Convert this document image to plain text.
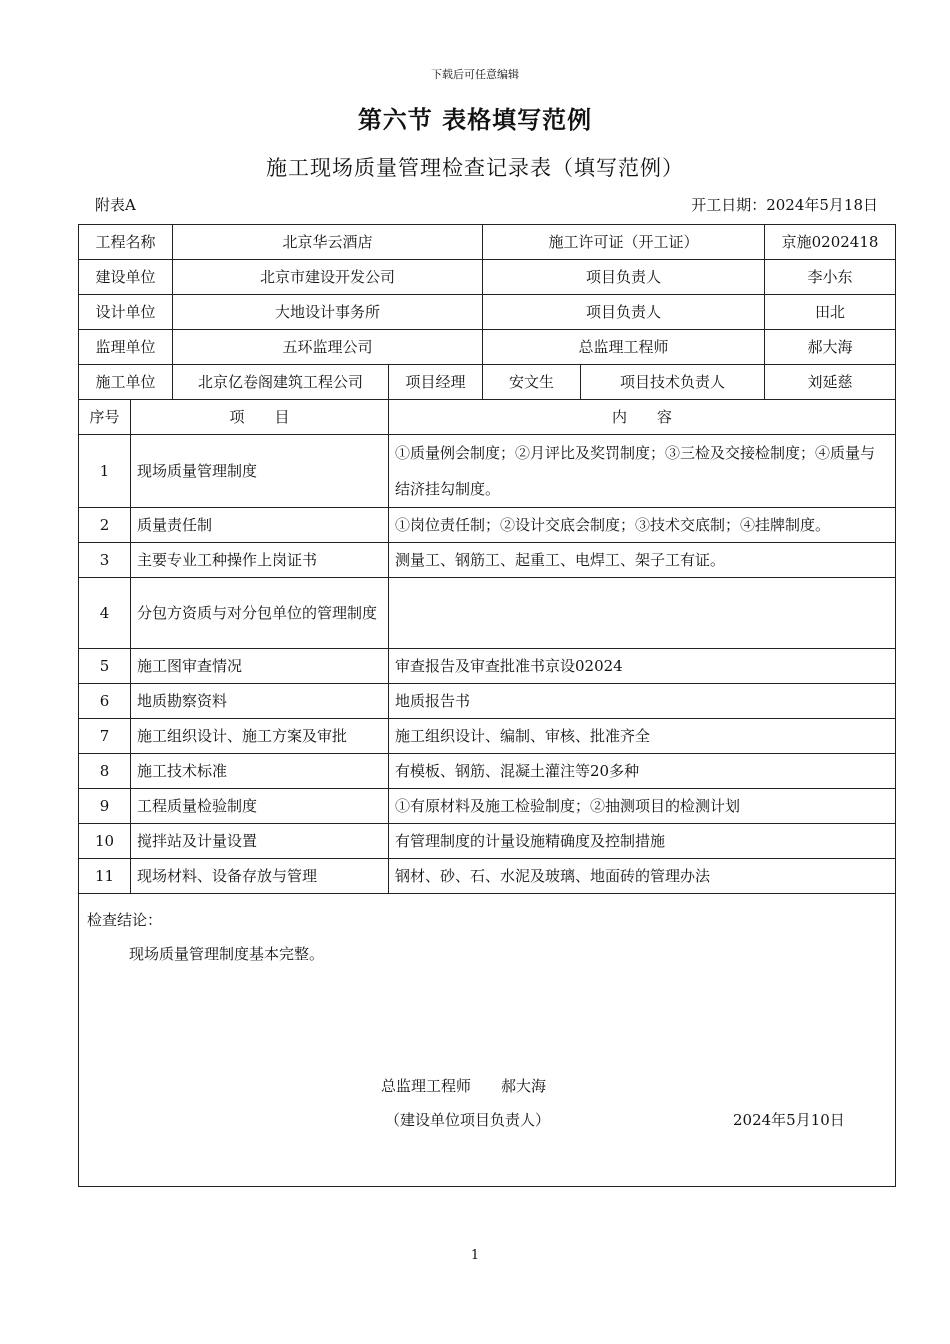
下载后可任意编辑
第六节 表格填写范例
施工现场质量管理检查记录表（填写范例）
附表A	开工日期：2024年5月18日
工程名称	北京华云酒店	施工许可证（开工证）	京施0202418
建设单位	北京市建设开发公司	项目负责人	李小东
设计单位	大地设计事务所	项目负责人	田北
监理单位	五环监理公司	总监理工程师	郝大海
施工单位	北京亿卷阁建筑工程公司	项目经理	安文生	项目技术负责人	刘延慈
序号	项　　目	内　　容
1	现场质量管理制度	①质量例会制度；②月评比及奖罚制度；③三检及交接检制度；④质量与结济挂勾制度。
2	质量责任制	①岗位责任制；②设计交底会制度；③技术交底制；④挂牌制度。
3	主要专业工种操作上岗证书	测量工、钢筋工、起重工、电焊工、架子工有证。
4	分包方资质与对分包单位的管理制度	
5	施工图审查情况	审查报告及审查批准书京设02024
6	地质勘察资料	地质报告书
7	施工组织设计、施工方案及审批	施工组织设计、编制、审核、批准齐全
8	施工技术标准	有模板、钢筋、混凝土灌注等20多种
9	工程质量检验制度	①有原材料及施工检验制度；②抽测项目的检测计划
10	搅拌站及计量设置	有管理制度的计量设施精确度及控制措施
11	现场材料、设备存放与管理	钢材、砂、石、水泥及玻璃、地面砖的管理办法

检查结论：
现场质量管理制度基本完整。
总监理工程师　　 郝大海
（建设单位项目负责人） 2024年5月10日		
1
